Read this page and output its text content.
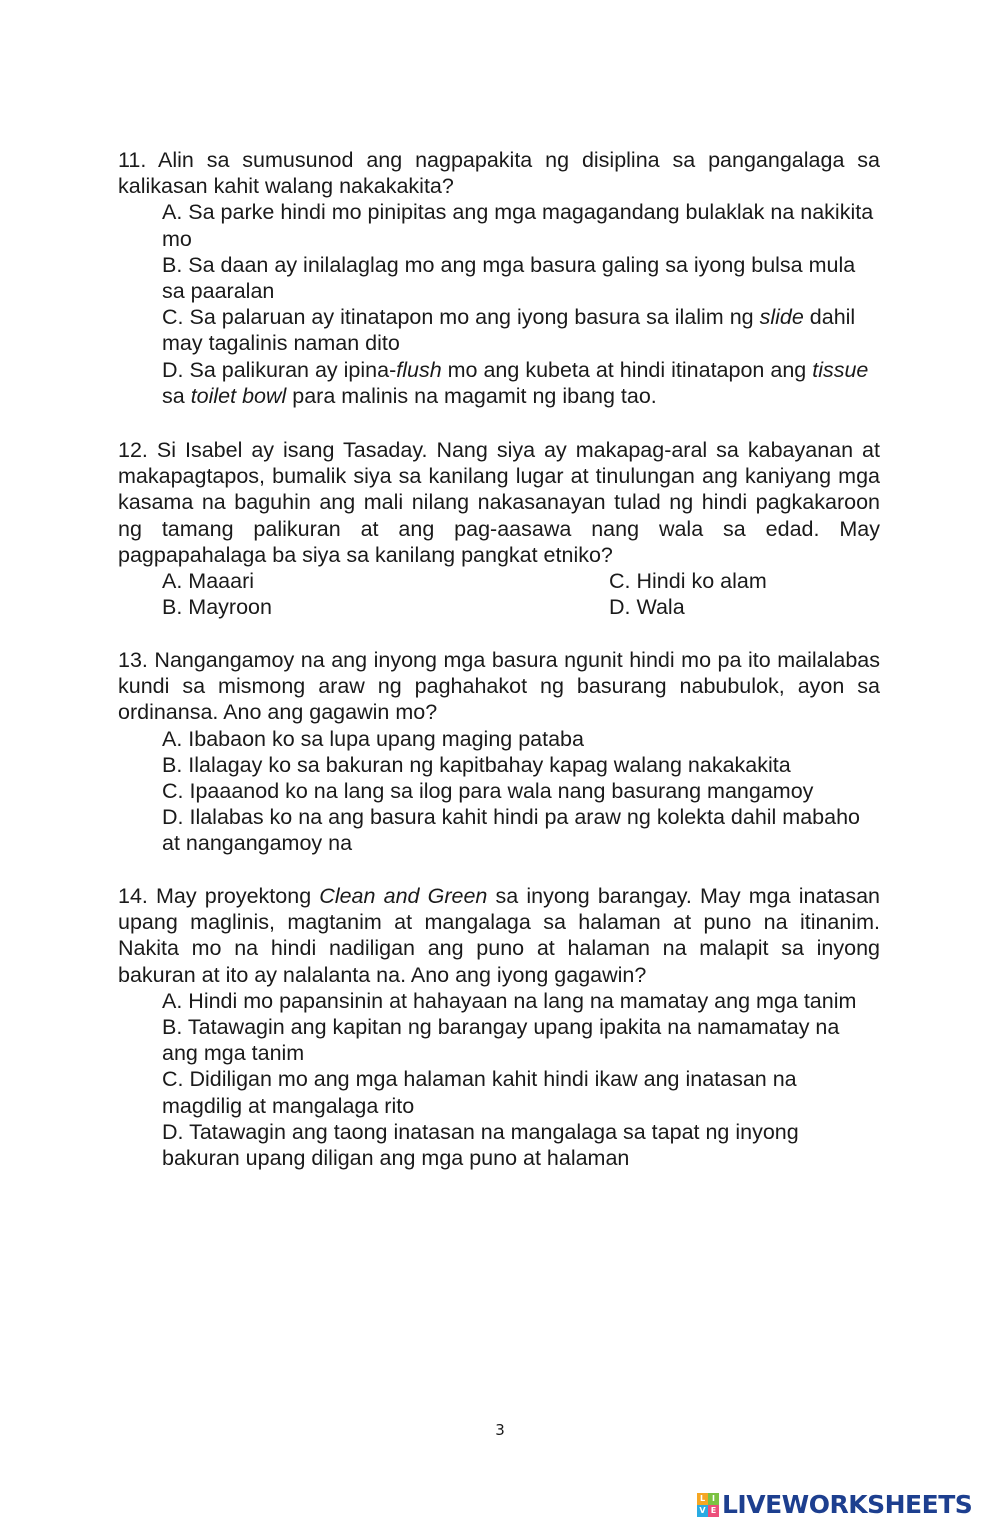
11. Alin sa sumusunod ang nagpapakita ng disiplina sa pangangalaga sa kalikasan kahit walang nakakakita?
A. Sa parke hindi mo pinipitas ang mga magagandang bulaklak na nakikita mo
B. Sa daan ay inilalaglag mo ang mga basura galing sa iyong bulsa mula sa paaralan
C. Sa palaruan ay itinatapon mo ang iyong basura sa ilalim ng slide dahil may tagalinis naman dito
D. Sa palikuran ay ipina-flush mo ang kubeta at hindi itinatapon ang tissue sa toilet bowl para malinis na magamit ng ibang tao.
12. Si Isabel ay isang Tasaday. Nang siya ay makapag-aral sa kabayanan at makapagtapos, bumalik siya sa kanilang lugar at tinulungan ang kaniyang mga kasama na baguhin ang mali nilang nakasanayan tulad ng hindi pagkakaroon ng tamang palikuran at ang pag-aasawa nang wala sa edad. May pagpapahalaga ba siya sa kanilang pangkat etniko?
A. Maaari	C. Hindi ko alam
B. Mayroon	D. Wala
13. Nangangamoy na ang inyong mga basura ngunit hindi mo pa ito mailalabas kundi sa mismong araw ng paghahakot ng basurang nabubulok, ayon sa ordinansa. Ano ang gagawin mo?
A. Ibabaon ko sa lupa upang maging pataba
B. Ilalagay ko sa bakuran ng kapitbahay kapag walang nakakakita
C. Ipaaanod ko na lang sa ilog para wala nang basurang mangamoy
D. Ilalabas ko na ang basura kahit hindi pa araw ng kolekta dahil mabaho at nangangamoy na
14. May proyektong Clean and Green sa inyong barangay. May mga inatasan upang maglinis, magtanim at mangalaga sa halaman at puno na itinanim. Nakita mo na hindi nadiligan ang puno at halaman na malapit sa inyong bakuran at ito ay nalalanta na. Ano ang iyong gagawin?
A. Hindi mo papansinin at hahayaan na lang na mamatay ang mga tanim
B. Tatawagin ang kapitan ng barangay upang ipakita na namamatay na ang mga tanim
C. Didiligan mo ang mga halaman kahit hindi ikaw ang inatasan na magdilig at mangalaga rito
D. Tatawagin ang taong inatasan na mangalaga sa tapat ng inyong bakuran upang diligan ang mga puno at halaman
3
L I
V E LIVEWORKSHEETS
